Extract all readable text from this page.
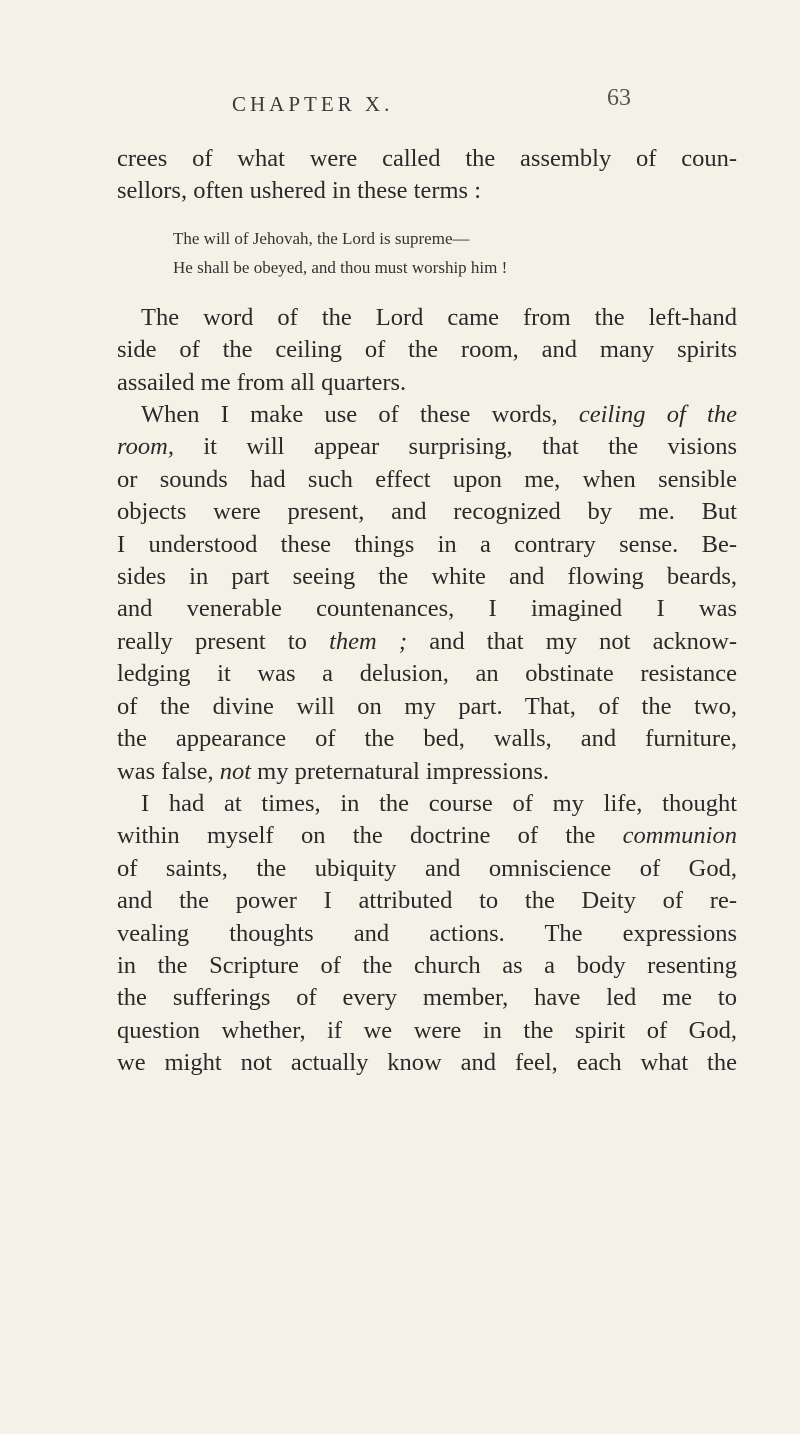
CHAPTER X.	63
crees of what were called the assembly of coun-
sellors, often ushered in these terms :
The will of Jehovah, the Lord is supreme—
He shall be obeyed, and thou must worship him !
The word of the Lord came from the left-hand
side of the ceiling of the room, and many spirits
assailed me from all quarters.
When I make use of these words, ceiling of the
room, it will appear surprising, that the visions
or sounds had such effect upon me, when sensible
objects were present, and recognized by me. But
I understood these things in a contrary sense. Be-
sides in part seeing the white and flowing beards,
and venerable countenances, I imagined I was
really present to them ; and that my not acknow-
ledging it was a delusion, an obstinate resistance
of the divine will on my part. That, of the two,
the appearance of the bed, walls, and furniture,
was false, not my preternatural impressions.
I had at times, in the course of my life, thought
within myself on the doctrine of the communion
of saints, the ubiquity and omniscience of God,
and the power I attributed to the Deity of re-
vealing thoughts and actions. The expressions
in the Scripture of the church as a body resenting
the sufferings of every member, have led me to
question whether, if we were in the spirit of God,
we might not actually know and feel, each what the
